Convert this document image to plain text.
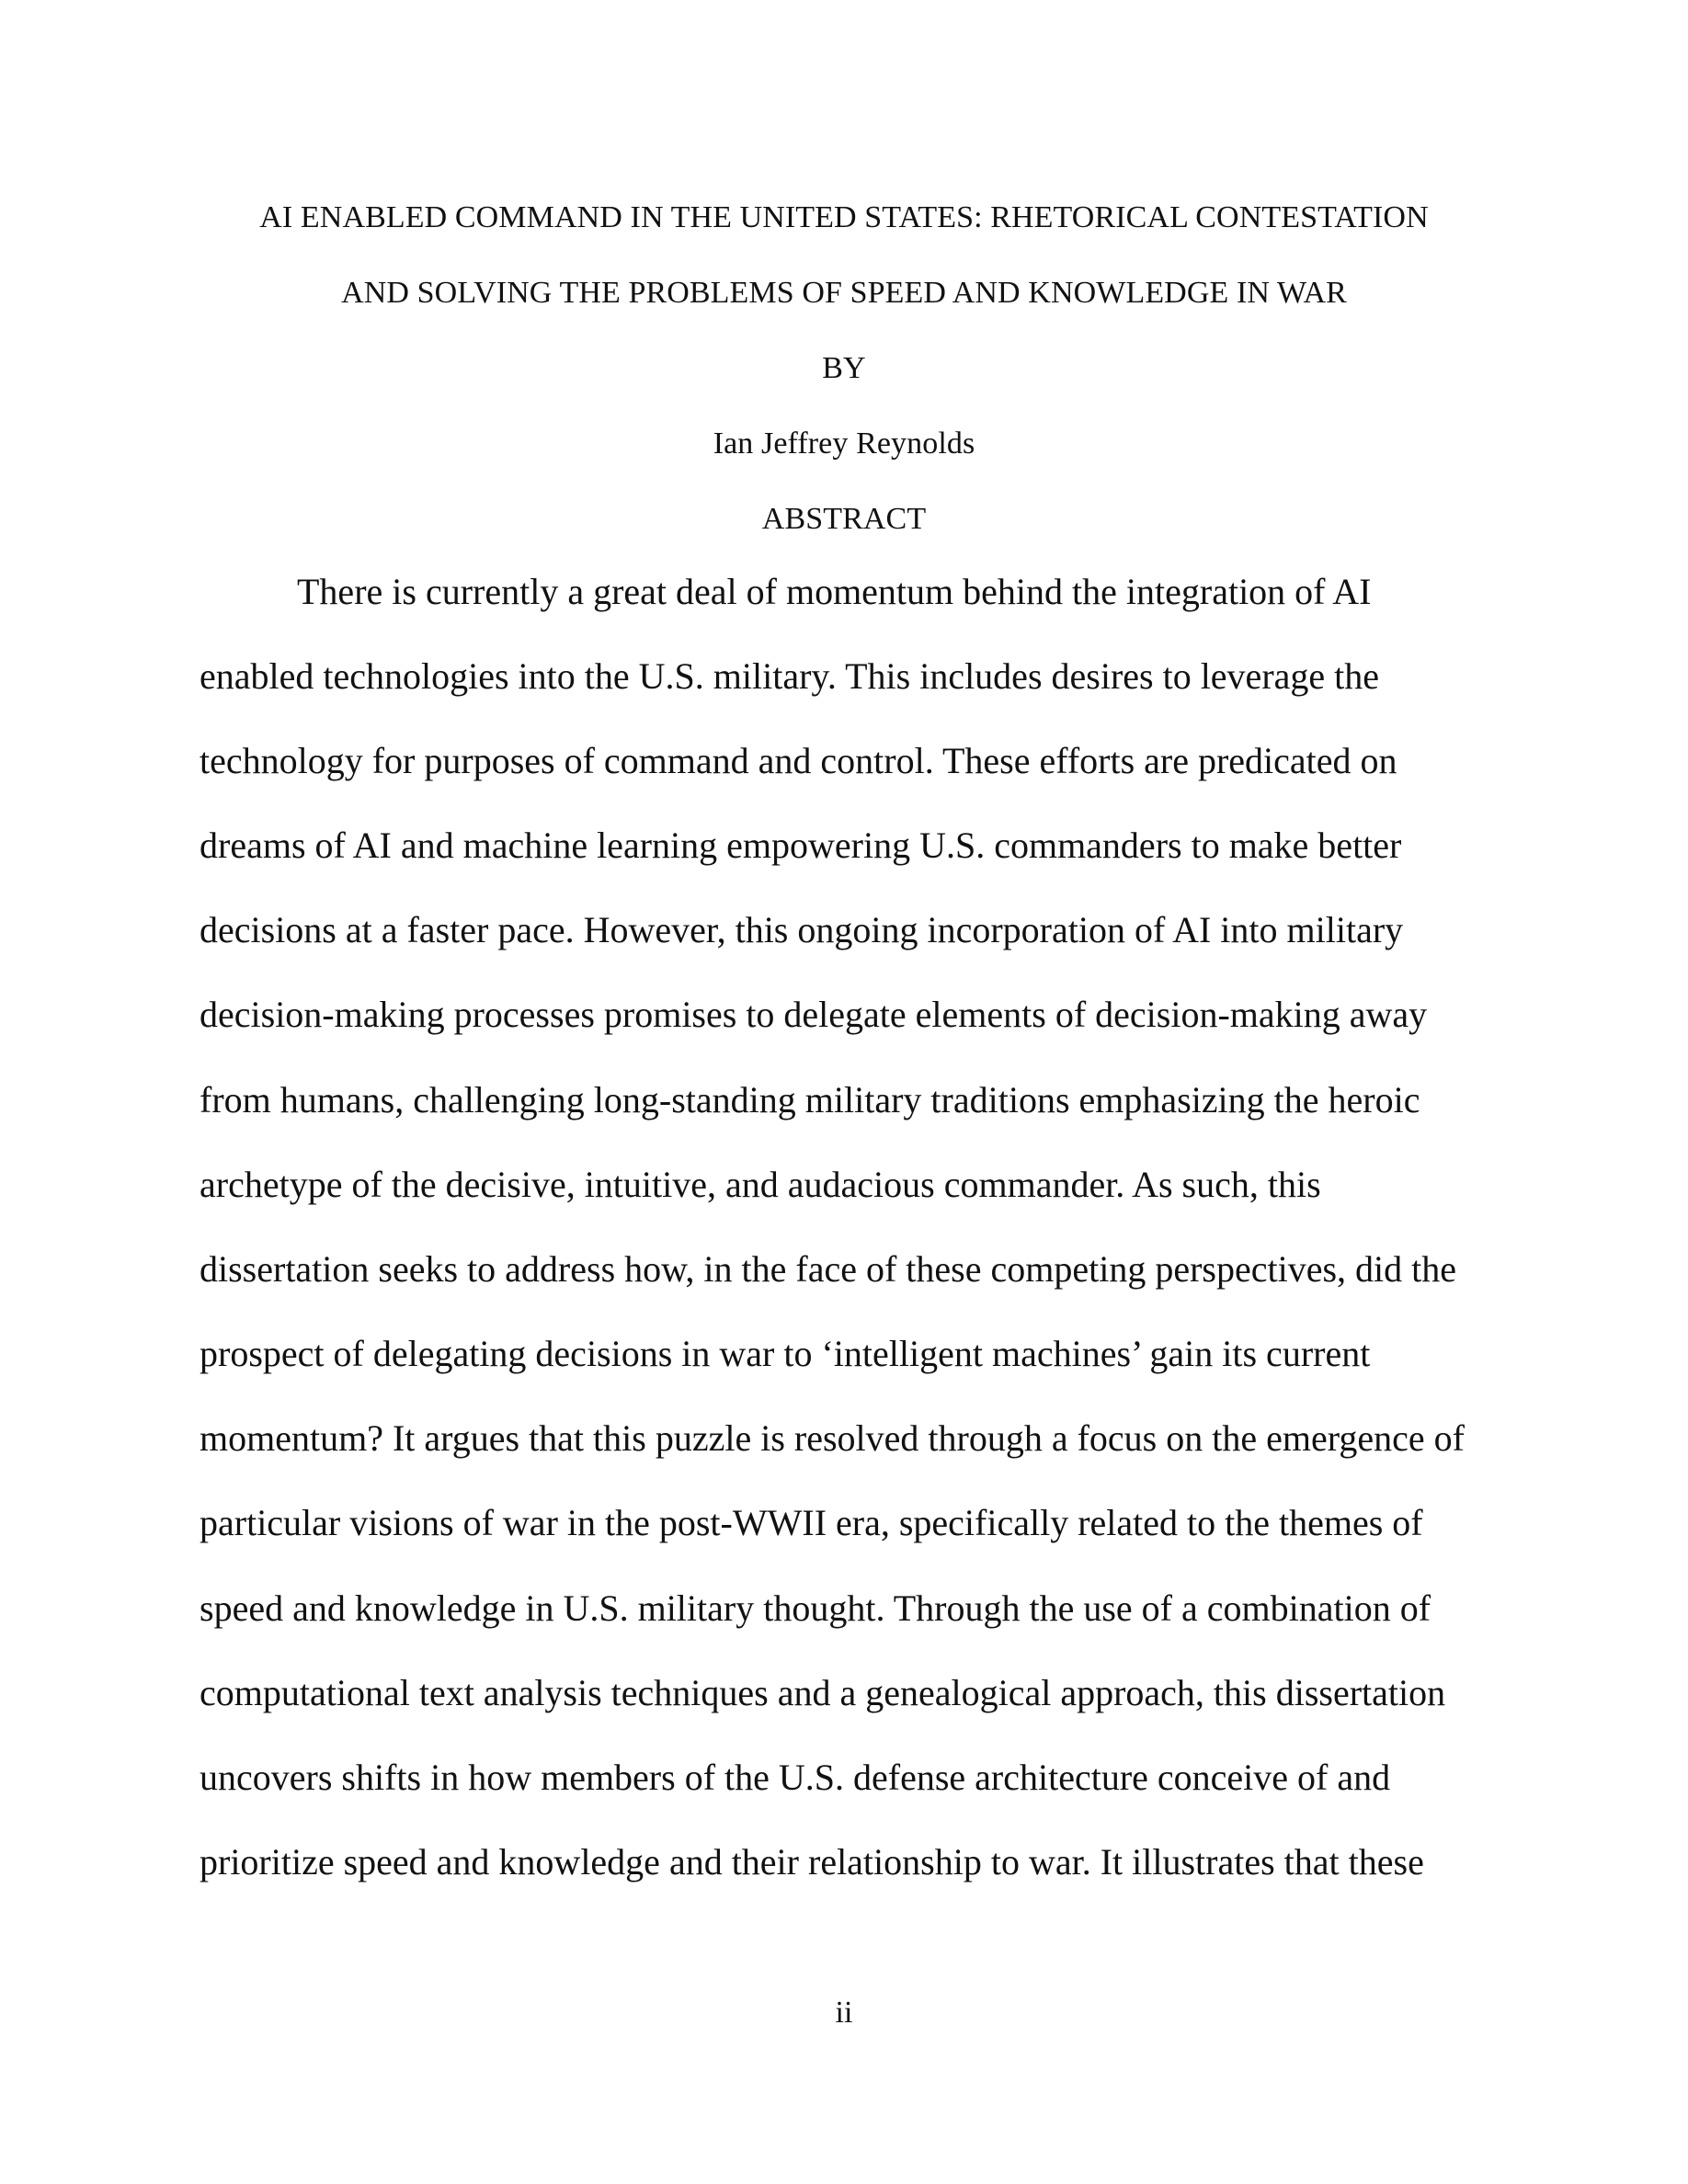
AI ENABLED COMMAND IN THE UNITED STATES: RHETORICAL CONTESTATION
AND SOLVING THE PROBLEMS OF SPEED AND KNOWLEDGE IN WAR
BY
Ian Jeffrey Reynolds
ABSTRACT
There is currently a great deal of momentum behind the integration of AI
enabled technologies into the U.S. military. This includes desires to leverage the
technology for purposes of command and control. These efforts are predicated on
dreams of AI and machine learning empowering U.S. commanders to make better
decisions at a faster pace. However, this ongoing incorporation of AI into military
decision-making processes promises to delegate elements of decision-making away
from humans, challenging long-standing military traditions emphasizing the heroic
archetype of the decisive, intuitive, and audacious commander. As such, this
dissertation seeks to address how, in the face of these competing perspectives, did the
prospect of delegating decisions in war to ‘intelligent machines’ gain its current
momentum? It argues that this puzzle is resolved through a focus on the emergence of
particular visions of war in the post-WWII era, specifically related to the themes of
speed and knowledge in U.S. military thought. Through the use of a combination of
computational text analysis techniques and a genealogical approach, this dissertation
uncovers shifts in how members of the U.S. defense architecture conceive of and
prioritize speed and knowledge and their relationship to war. It illustrates that these
ii
